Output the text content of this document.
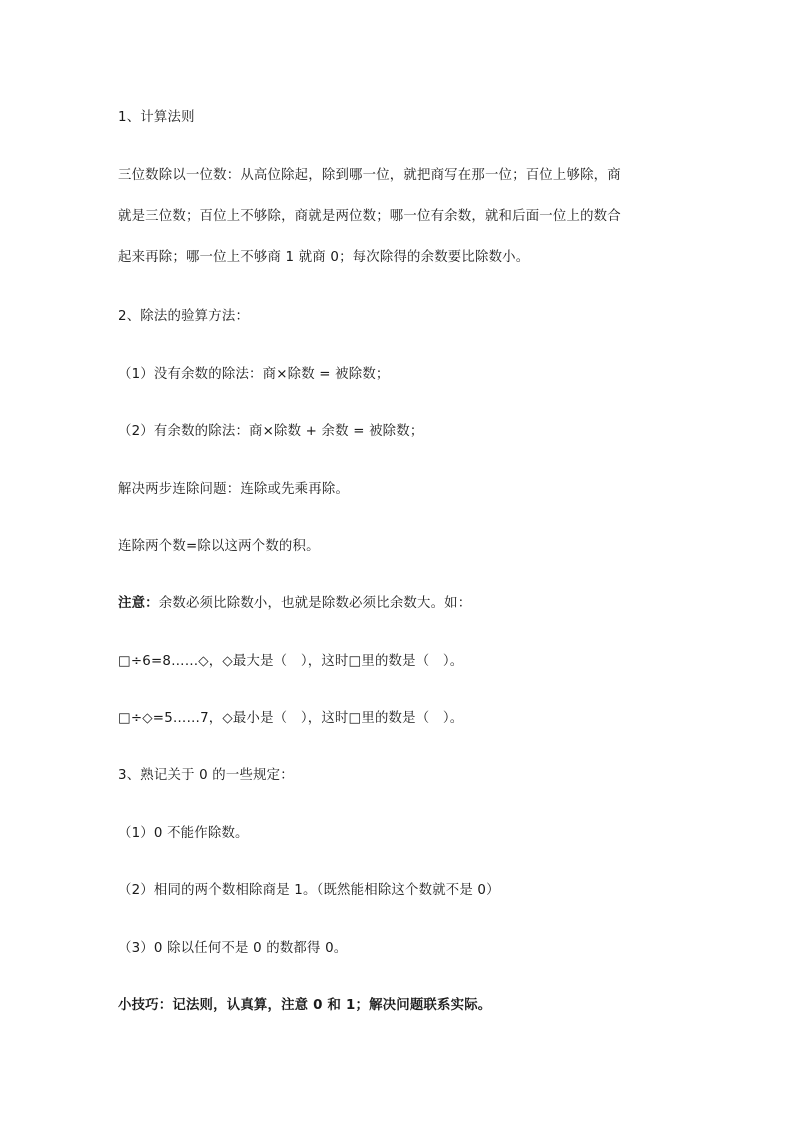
1、计算法则
三位数除以一位数：从高位除起，除到哪一位，就把商写在那一位；百位上够除，商
就是三位数；百位上不够除，商就是两位数；哪一位有余数，就和后面一位上的数合
起来再除；哪一位上不够商 1 就商 0；每次除得的余数要比除数小。
2、除法的验算方法：
（1）没有余数的除法：商×除数 = 被除数；
（2）有余数的除法：商×除数 + 余数 = 被除数；
解决两步连除问题：连除或先乘再除。
连除两个数=除以这两个数的积。
注意：余数必须比除数小，也就是除数必须比余数大。如：
□÷6=8……◇，◇最大是（　），这时□里的数是（　）。
□÷◇=5……7，◇最小是（　），这时□里的数是（　）。
3、熟记关于 0 的一些规定：
（1）0 不能作除数。
（2）相同的两个数相除商是 1。（既然能相除这个数就不是 0）
（3）0 除以任何不是 0 的数都得 0。
小技巧：记法则，认真算，注意 0 和 1；解决问题联系实际。
